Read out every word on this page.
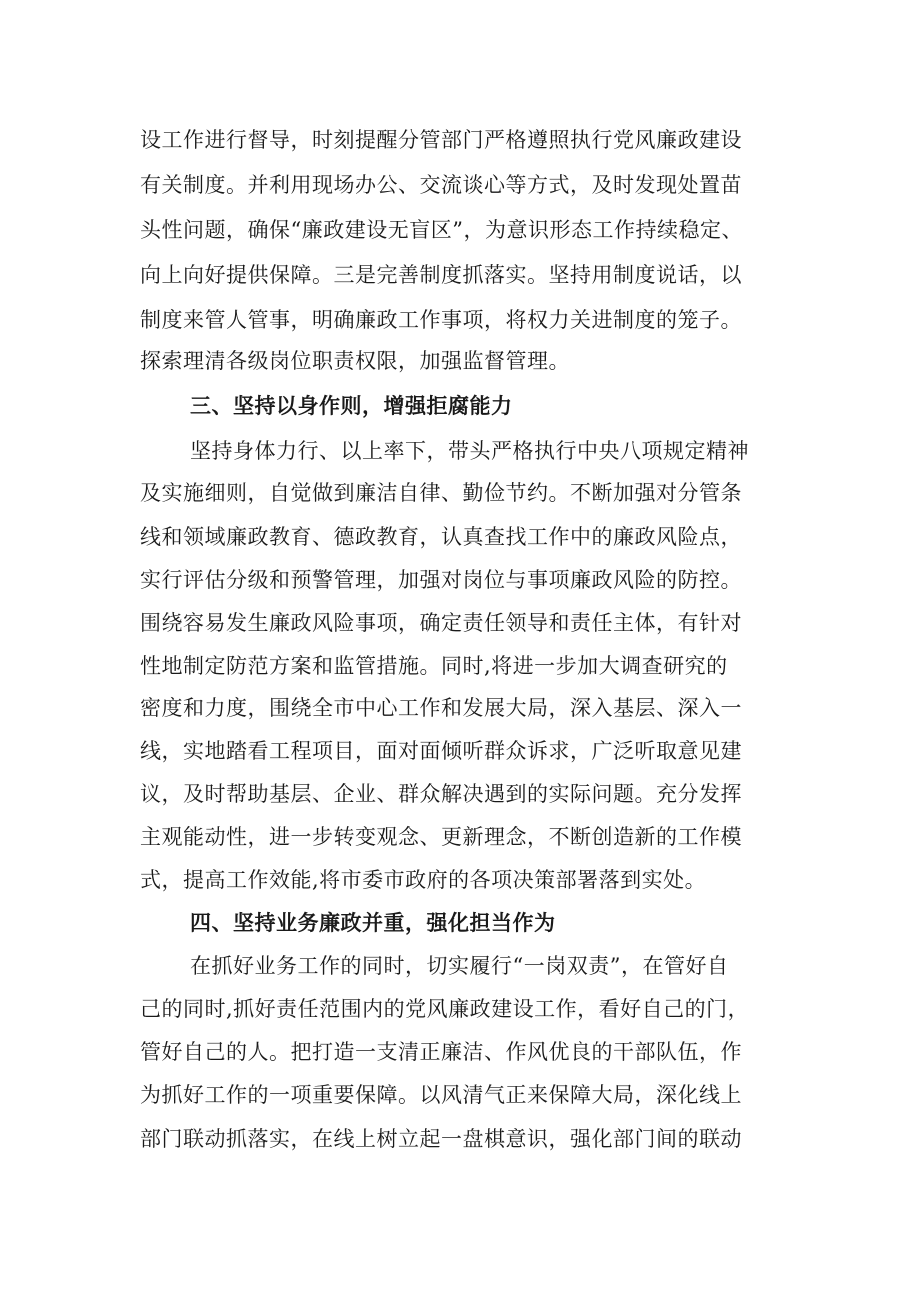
设工作进行督导，时刻提醒分管部门严格遵照执行党风廉政建设
有关制度。并利用现场办公、交流谈心等方式，及时发现处置苗
头性问题，确保“廉政建设无盲区”，为意识形态工作持续稳定、
向上向好提供保障。三是完善制度抓落实。坚持用制度说话，以
制度来管人管事，明确廉政工作事项，将权力关进制度的笼子。
探索理清各级岗位职责权限，加强监督管理。
三、坚持以身作则，增强拒腐能力
坚持身体力行、以上率下，带头严格执行中央八项规定精神
及实施细则，自觉做到廉洁自律、勤俭节约。不断加强对分管条
线和领域廉政教育、德政教育，认真查找工作中的廉政风险点，
实行评估分级和预警管理，加强对岗位与事项廉政风险的防控。
围绕容易发生廉政风险事项，确定责任领导和责任主体，有针对
性地制定防范方案和监管措施。同时,将进一步加大调查研究的
密度和力度，围绕全市中心工作和发展大局，深入基层、深入一
线，实地踏看工程项目，面对面倾听群众诉求，广泛听取意见建
议，及时帮助基层、企业、群众解决遇到的实际问题。充分发挥
主观能动性，进一步转变观念、更新理念，不断创造新的工作模
式，提高工作效能,将市委市政府的各项决策部署落到实处。
四、坚持业务廉政并重，强化担当作为
在抓好业务工作的同时，切实履行“一岗双责”，在管好自
己的同时,抓好责任范围内的党风廉政建设工作，看好自己的门，
管好自己的人。把打造一支清正廉洁、作风优良的干部队伍，作
为抓好工作的一项重要保障。以风清气正来保障大局，深化线上
部门联动抓落实，在线上树立起一盘棋意识，强化部门间的联动
